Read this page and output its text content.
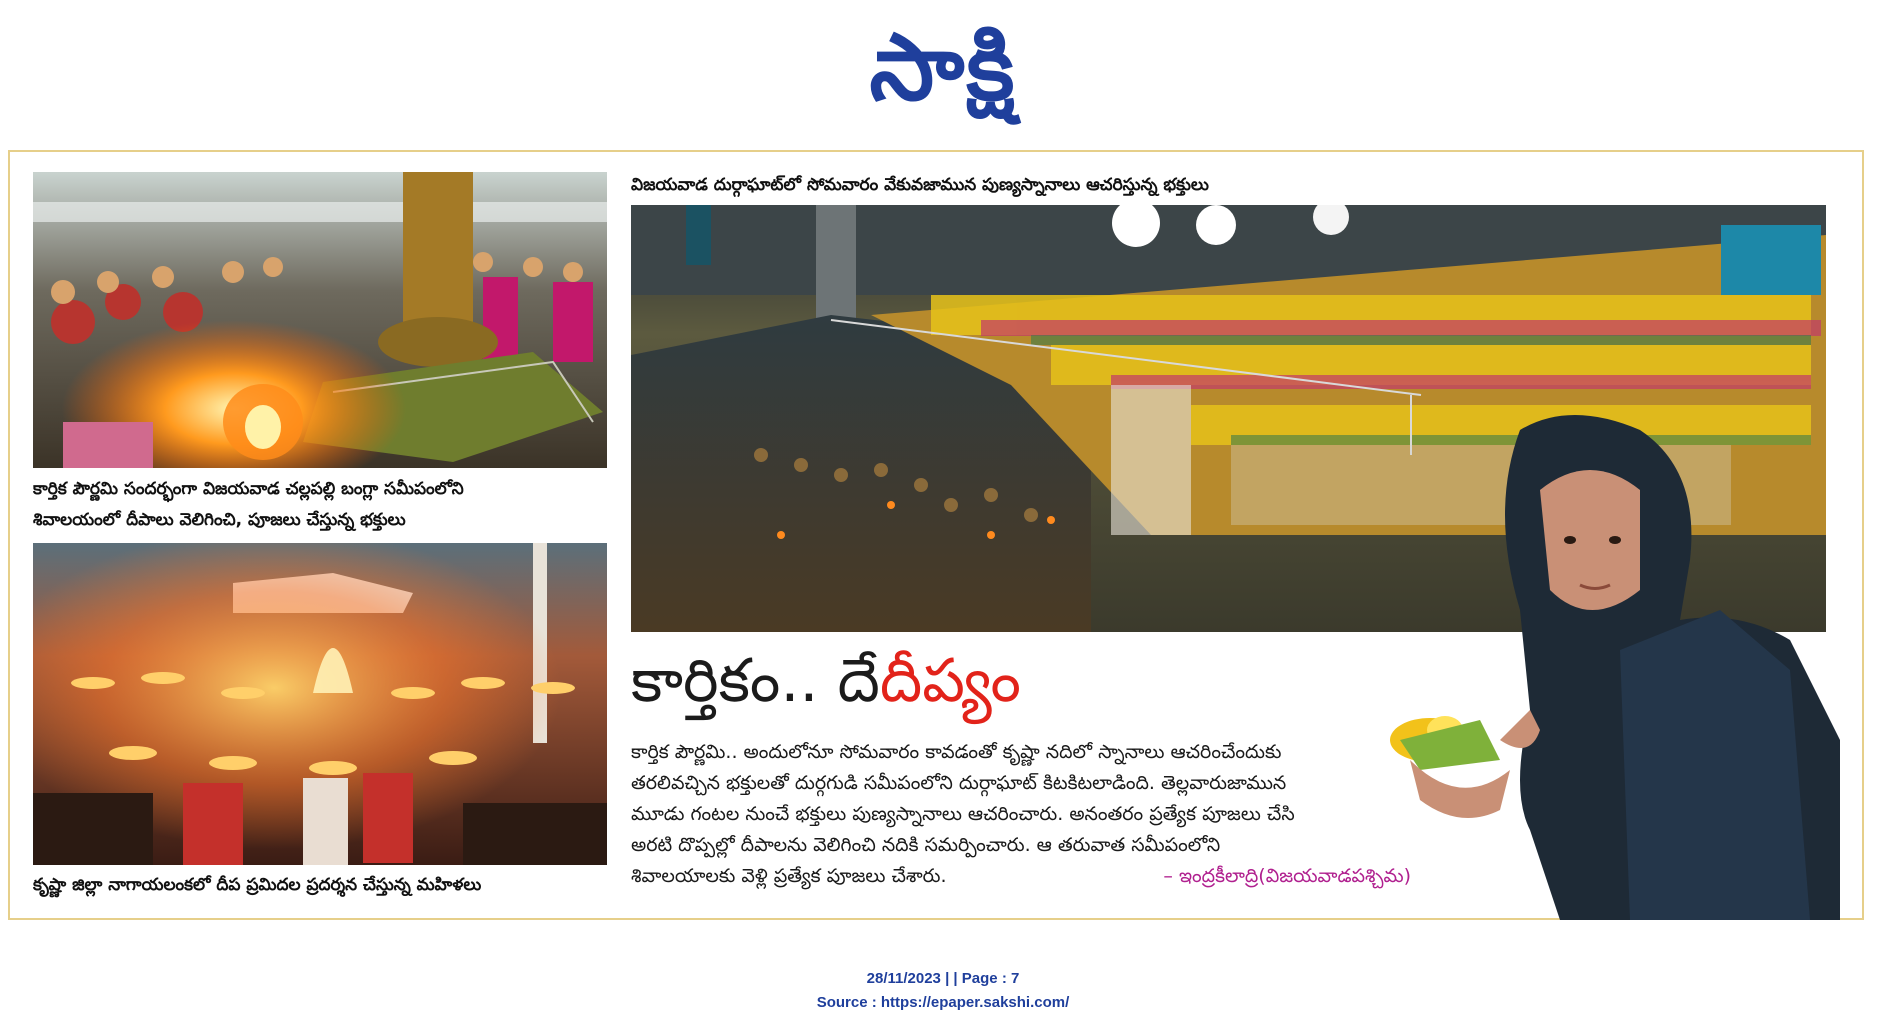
సాక్షి
కార్తిక పౌర్ణమి సందర్భంగా విజయవాడ చల్లపల్లి బంగ్లా సమీపంలోని
శివాలయంలో దీపాలు వెలిగించి, పూజలు చేస్తున్న భక్తులు
కృష్ణా జిల్లా నాగాయలంకలో దీప ప్రమిదల ప్రదర్శన చేస్తున్న మహిళలు
విజయవాడ దుర్గాఘాట్‌లో సోమవారం వేకువజామున పుణ్యస్నానాలు ఆచరిస్తున్న భక్తులు
కార్తికం.. దేదీప్యం
కార్తిక పౌర్ణమి.. అందులోనూ సోమవారం కావడంతో కృష్ణా నదిలో స్నానాలు ఆచరించేందుకు
తరలివచ్చిన భక్తులతో దుర్గగుడి సమీపంలోని దుర్గాఘాట్‌ కిటకిటలాడింది. తెల్లవారుజామున
మూడు గంటల నుంచే భక్తులు పుణ్యస్నానాలు ఆచరించారు. అనంతరం ప్రత్యేక పూజలు చేసి
అరటి దొప్పల్లో దీపాలను వెలిగించి నదికి సమర్పించారు. ఆ తరువాత సమీపంలోని
శివాలయాలకు వెళ్లి ప్రత్యేక పూజలు చేశారు.	– ఇంద్రకీలాద్రి(విజయవాడపశ్చిమ)
28/11/2023 | | Page : 7
Source : https://epaper.sakshi.com/
